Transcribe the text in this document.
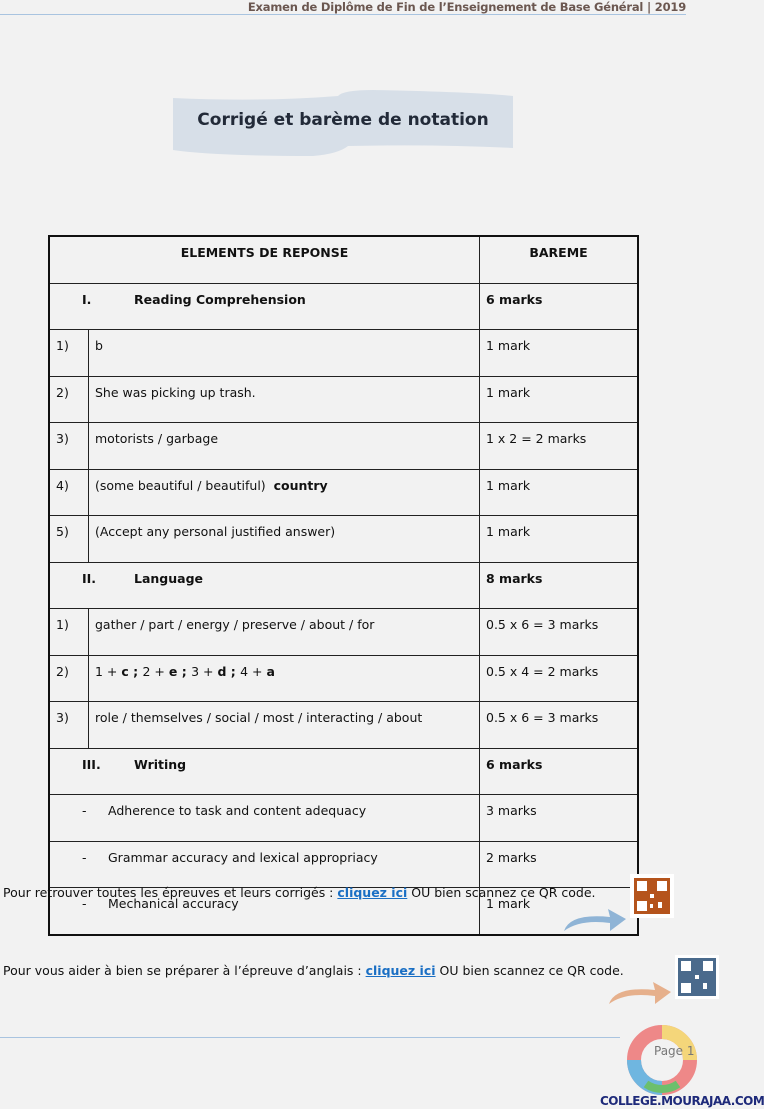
Examen de Diplôme de Fin de l’Enseignement de Base Général | 2019
Corrigé et barème de notation
ELEMENTS DE REPONSE		BAREME
I. Reading Comprehension		6 marks
1)	b	1 mark
2)	She was picking up trash.	1 mark
3)	motorists / garbage	1 x 2 = 2 marks
4)	(some beautiful / beautiful) country	1 mark
5)	(Accept any personal justified answer)	1 mark
II. Language		8 marks
1)	gather / part / energy / preserve / about / for	0.5 x 6 = 3 marks
2)	1 + c ; 2 + e ; 3 + d ; 4 + a	0.5 x 4 = 2 marks
3)	role / themselves / social / most / interacting / about	0.5 x 6 = 3 marks
III. Writing		6 marks
- Adherence to task and content adequacy		3 marks
- Grammar accuracy and lexical appropriacy		2 marks
- Mechanical accuracy		1 mark
Pour retrouver toutes les épreuves et leurs corrigés : cliquez ici OU bien scannez ce QR code.
Pour vous aider à bien se préparer à l’épreuve d’anglais : cliquez ici OU bien scannez ce QR code.
Page 1
COLLEGE.MOURAJAA.COM
